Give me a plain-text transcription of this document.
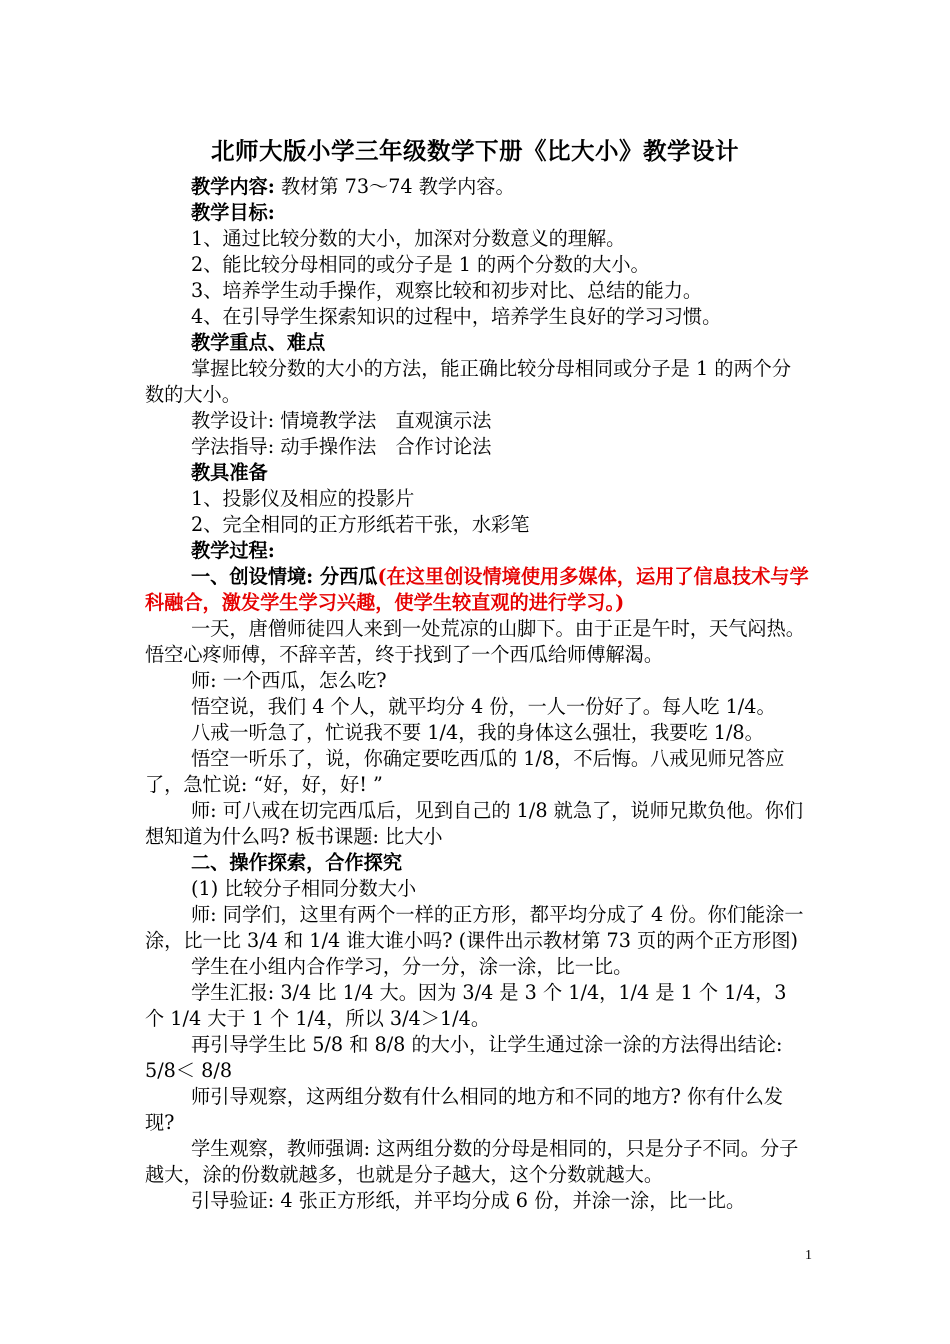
北师大版小学三年级数学下册《比大小》教学设计

教学内容: 教材第 73～74 教学内容。

教学目标:

1、通过比较分数的大小，加深对分数意义的理解。

2、能比较分母相同的或分子是 1 的两个分数的大小。

3、培养学生动手操作，观察比较和初步对比、总结的能力。

4、在引导学生探索知识的过程中，培养学生良好的学习习惯。

教学重点、难点

掌握比较分数的大小的方法，能正确比较分母相同或分子是 1 的两个分数的大小。

教学设计: 情境教学法　直观演示法

学法指导: 动手操作法　合作讨论法

教具准备

1、投影仪及相应的投影片

2、完全相同的正方形纸若干张，水彩笔

教学过程:

一、创设情境: 分西瓜(在这里创设情境使用多媒体，运用了信息技术与学科融合，激发学生学习兴趣，使学生较直观的进行学习。)

一天，唐僧师徒四人来到一处荒凉的山脚下。由于正是午时，天气闷热。悟空心疼师傅，不辞辛苦，终于找到了一个西瓜给师傅解渴。

师: 一个西瓜，怎么吃?

悟空说，我们 4 个人，就平均分 4 份，一人一份好了。每人吃 1/4。

八戒一听急了，忙说我不要 1/4，我的身体这么强壮，我要吃 1/8。

悟空一听乐了，说，你确定要吃西瓜的 1/8，不后悔。八戒见师兄答应了，急忙说: “好，好，好! ”

师: 可八戒在切完西瓜后，见到自己的 1/8 就急了，说师兄欺负他。你们想知道为什么吗? 板书课题: 比大小

二、操作探索，合作探究

(1) 比较分子相同分数大小

师: 同学们，这里有两个一样的正方形，都平均分成了 4 份。你们能涂一涂，比一比 3/4 和 1/4 谁大谁小吗? (课件出示教材第 73 页的两个正方形图)

学生在小组内合作学习，分一分，涂一涂，比一比。

学生汇报: 3/4 比 1/4 大。因为 3/4 是 3 个 1/4，1/4 是 1 个 1/4，3 个 1/4 大于 1 个 1/4，所以 3/4＞1/4。

再引导学生比 5/8 和 8/8 的大小，让学生通过涂一涂的方法得出结论: 5/8＜ 8/8

师引导观察，这两组分数有什么相同的地方和不同的地方? 你有什么发现?

学生观察，教师强调: 这两组分数的分母是相同的，只是分子不同。分子越大，涂的份数就越多，也就是分子越大，这个分数就越大。

引导验证: 4 张正方形纸，并平均分成 6 份，并涂一涂，比一比。

1
